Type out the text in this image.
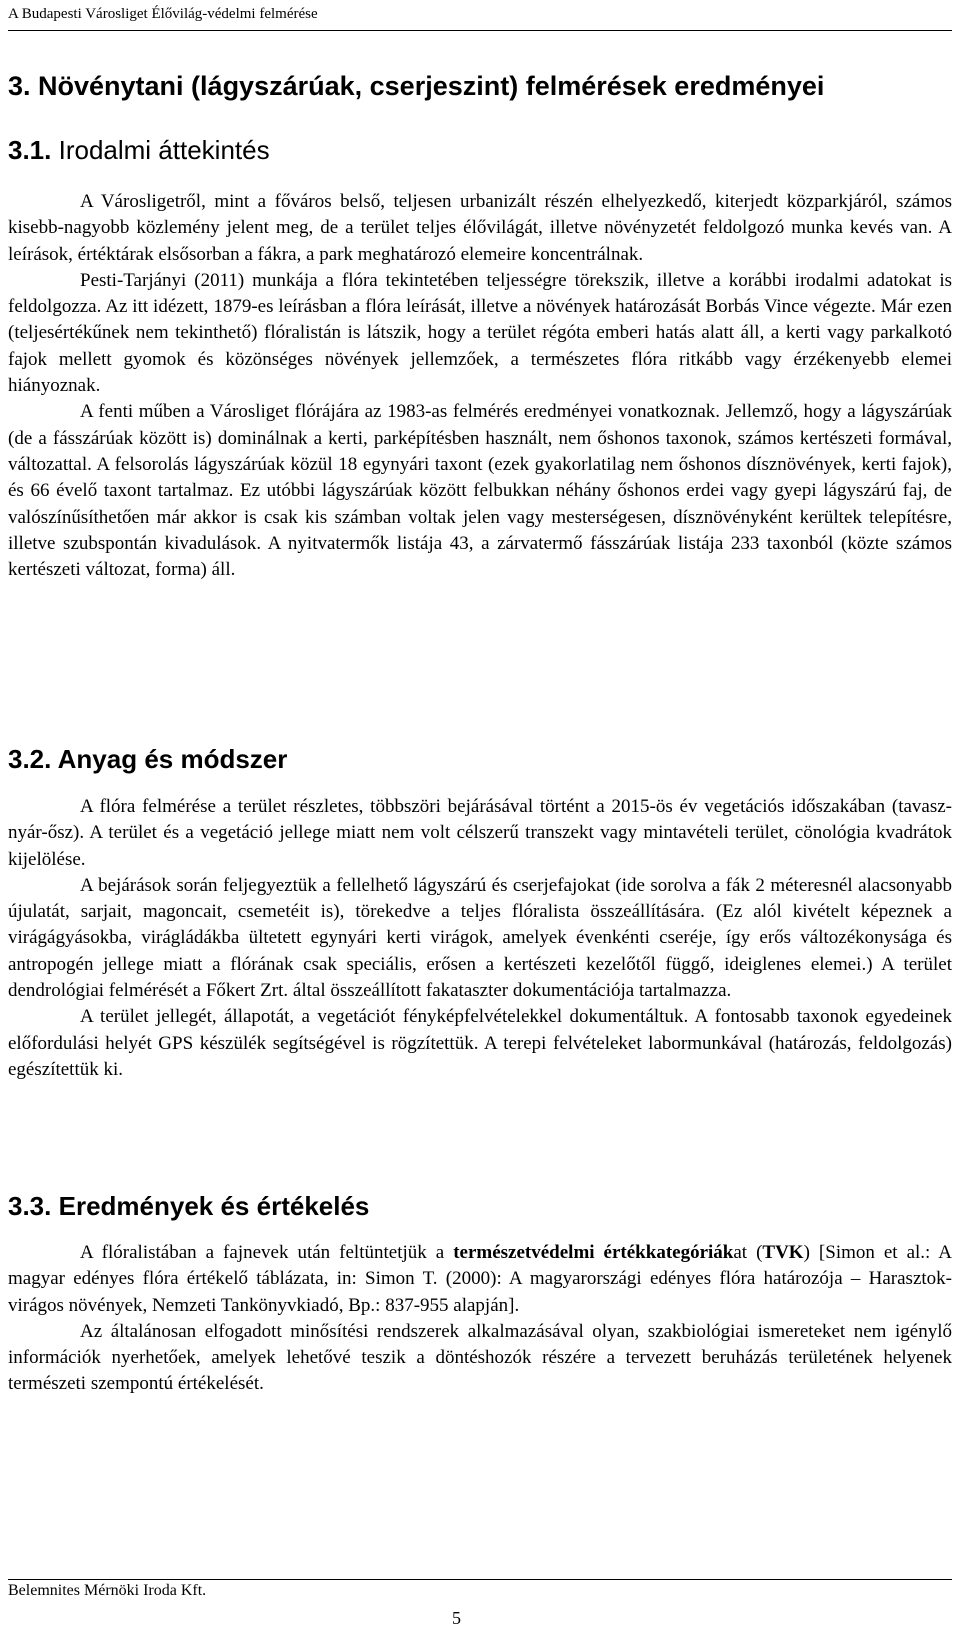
A Budapesti Városliget Élővilág-védelmi felmérése
3. Növénytani (lágyszárúak, cserjeszint) felmérések eredményei
3.1. Irodalmi áttekintés

A Városligetről, mint a főváros belső, teljesen urbanizált részén elhelyezkedő, kiterjedt közparkjáról, számos kisebb-nagyobb közlemény jelent meg, de a terület teljes élővilágát, illetve növényzetét feldolgozó munka kevés van. A leírások, értéktárak elsősorban a fákra, a park meghatározó elemeire koncentrálnak.

Pesti-Tarjányi (2011) munkája a flóra tekintetében teljességre törekszik, illetve a korábbi irodalmi adatokat is feldolgozza. Az itt idézett, 1879-es leírásban a flóra leírását, illetve a növények határozását Borbás Vince végezte. Már ezen (teljesértékűnek nem tekinthető) flóralistán is látszik, hogy a terület régóta emberi hatás alatt áll, a kerti vagy parkalkotó fajok mellett gyomok és közönséges növények jellemzőek, a természetes flóra ritkább vagy érzékenyebb elemei hiányoznak.

A fenti műben a Városliget flórájára az 1983-as felmérés eredményei vonatkoznak. Jellemző, hogy a lágyszárúak (de a fásszárúak között is) dominálnak a kerti, parképítésben használt, nem őshonos taxonok, számos kertészeti formával, változattal. A felsorolás lágyszárúak közül 18 egynyári taxont (ezek gyakorlatilag nem őshonos dísznövények, kerti fajok), és 66 évelő taxont tartalmaz. Ez utóbbi lágyszárúak között felbukkan néhány őshonos erdei vagy gyepi lágyszárú faj, de valószínűsíthetően már akkor is csak kis számban voltak jelen vagy mesterségesen, dísznövényként kerültek telepítésre, illetve szubspontán kivadulások. A nyitvatermők listája 43, a zárvatermő fásszárúak listája 233 taxonból (közte számos kertészeti változat, forma) áll.

3.2. Anyag és módszer

A flóra felmérése a terület részletes, többszöri bejárásával történt a 2015-ös év vegetációs időszakában (tavasz-nyár-ősz). A terület és a vegetáció jellege miatt nem volt célszerű transzekt vagy mintavételi terület, cönológia kvadrátok kijelölése.

A bejárások során feljegyeztük a fellelhető lágyszárú és cserjefajokat (ide sorolva a fák 2 méteresnél alacsonyabb újulatát, sarjait, magoncait, csemetéit is), törekedve a teljes flóralista összeállítására. (Ez alól kivételt képeznek a virágágyásokba, virágládákba ültetett egynyári kerti virágok, amelyek évenkénti cseréje, így erős változékonysága és antropogén jellege miatt a flórának csak speciális, erősen a kertészeti kezelőtől függő, ideiglenes elemei.) A terület dendrológiai felmérését a Főkert Zrt. által összeállított fakataszter dokumentációja tartalmazza.

A terület jellegét, állapotát, a vegetációt fényképfelvételekkel dokumentáltuk. A fontosabb taxonok egyedeinek előfordulási helyét GPS készülék segítségével is rögzítettük. A terepi felvételeket labormunkával (határozás, feldolgozás) egészítettük ki.

3.3. Eredmények és értékelés

A flóralistában a fajnevek után feltüntetjük a természetvédelmi értékkategóriákat (TVK) [Simon et al.: A magyar edényes flóra értékelő táblázata, in: Simon T. (2000): A magyarországi edényes flóra határozója – Harasztok-virágos növények, Nemzeti Tankönyvkiadó, Bp.: 837-955 alapján].

Az általánosan elfogadott minősítési rendszerek alkalmazásával olyan, szakbiológiai ismereteket nem igénylő információk nyerhetőek, amelyek lehetővé teszik a döntéshozók részére a tervezett beruházás területének helyenek természeti szempontú értékelését.

Belemnites Mérnöki Iroda Kft.
5
